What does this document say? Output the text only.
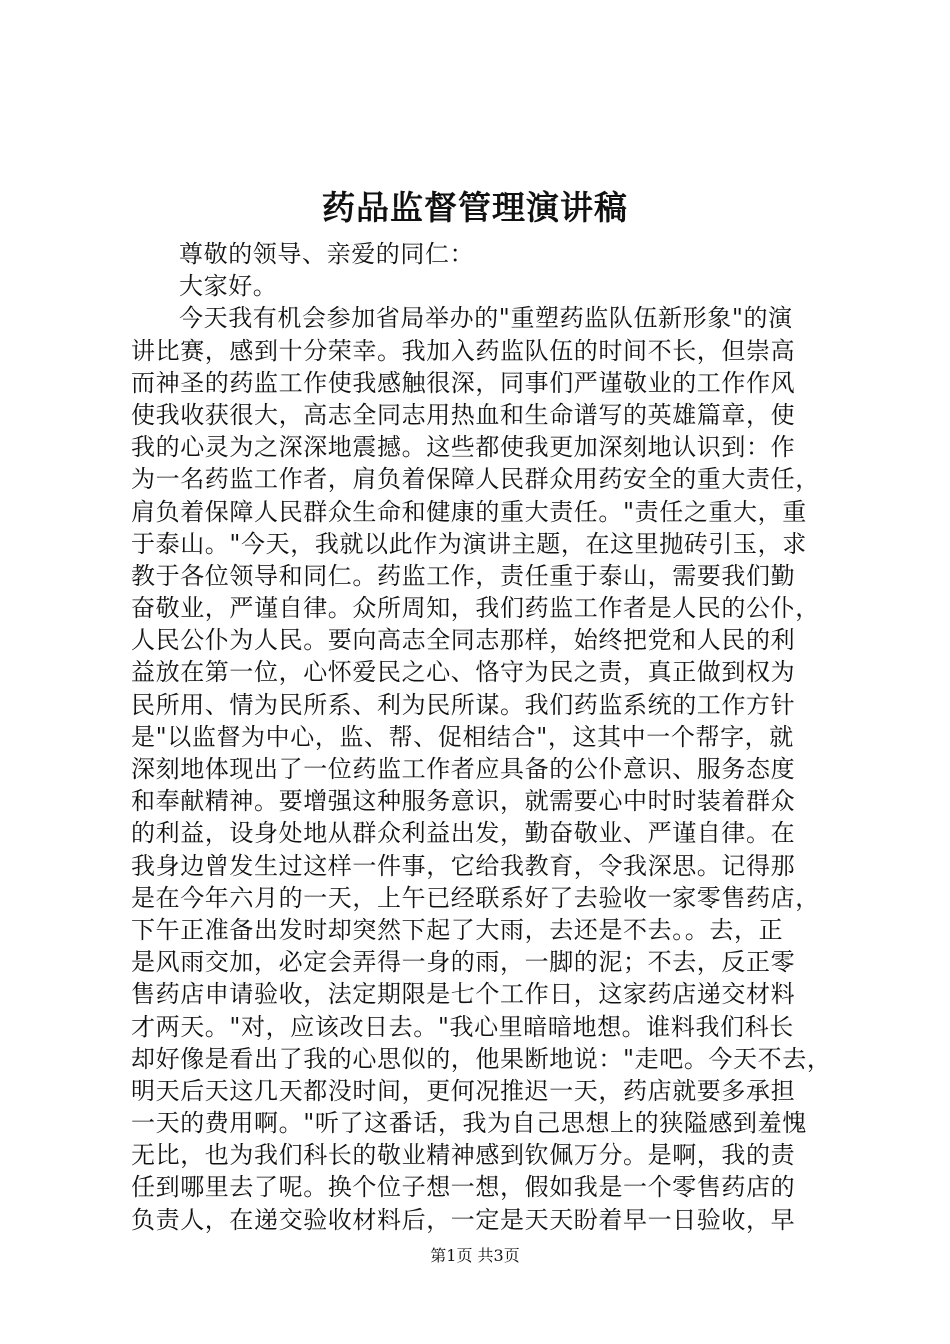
药品监督管理演讲稿
尊敬的领导、亲爱的同仁：
大家好。
今天我有机会参加省局举办的"重塑药监队伍新形象"的演
讲比赛，感到十分荣幸。我加入药监队伍的时间不长，但崇高
而神圣的药监工作使我感触很深，同事们严谨敬业的工作作风
使我收获很大，高志全同志用热血和生命谱写的英雄篇章，使
我的心灵为之深深地震撼。这些都使我更加深刻地认识到：作
为一名药监工作者，肩负着保障人民群众用药安全的重大责任，
肩负着保障人民群众生命和健康的重大责任。"责任之重大，重
于泰山。"今天，我就以此作为演讲主题，在这里抛砖引玉，求
教于各位领导和同仁。药监工作，责任重于泰山，需要我们勤
奋敬业，严谨自律。众所周知，我们药监工作者是人民的公仆，
人民公仆为人民。要向高志全同志那样，始终把党和人民的利
益放在第一位，心怀爱民之心、恪守为民之责，真正做到权为
民所用、情为民所系、利为民所谋。我们药监系统的工作方针
是"以监督为中心，监、帮、促相结合"，这其中一个帮字，就
深刻地体现出了一位药监工作者应具备的公仆意识、服务态度
和奉献精神。要增强这种服务意识，就需要心中时时装着群众
的利益，设身处地从群众利益出发，勤奋敬业、严谨自律。在
我身边曾发生过这样一件事，它给我教育，令我深思。记得那
是在今年六月的一天，上午已经联系好了去验收一家零售药店，
下午正准备出发时却突然下起了大雨，去还是不去。。去，正
是风雨交加，必定会弄得一身的雨，一脚的泥；不去，反正零
售药店申请验收，法定期限是七个工作日，这家药店递交材料
才两天。"对，应该改日去。"我心里暗暗地想。谁料我们科长
却好像是看出了我的心思似的，他果断地说："走吧。今天不去，
明天后天这几天都没时间，更何况推迟一天，药店就要多承担
一天的费用啊。"听了这番话，我为自己思想上的狭隘感到羞愧
无比，也为我们科长的敬业精神感到钦佩万分。是啊，我的责
任到哪里去了呢。换个位子想一想，假如我是一个零售药店的
负责人，在递交验收材料后，一定是天天盼着早一日验收，早
第1页 共3页
